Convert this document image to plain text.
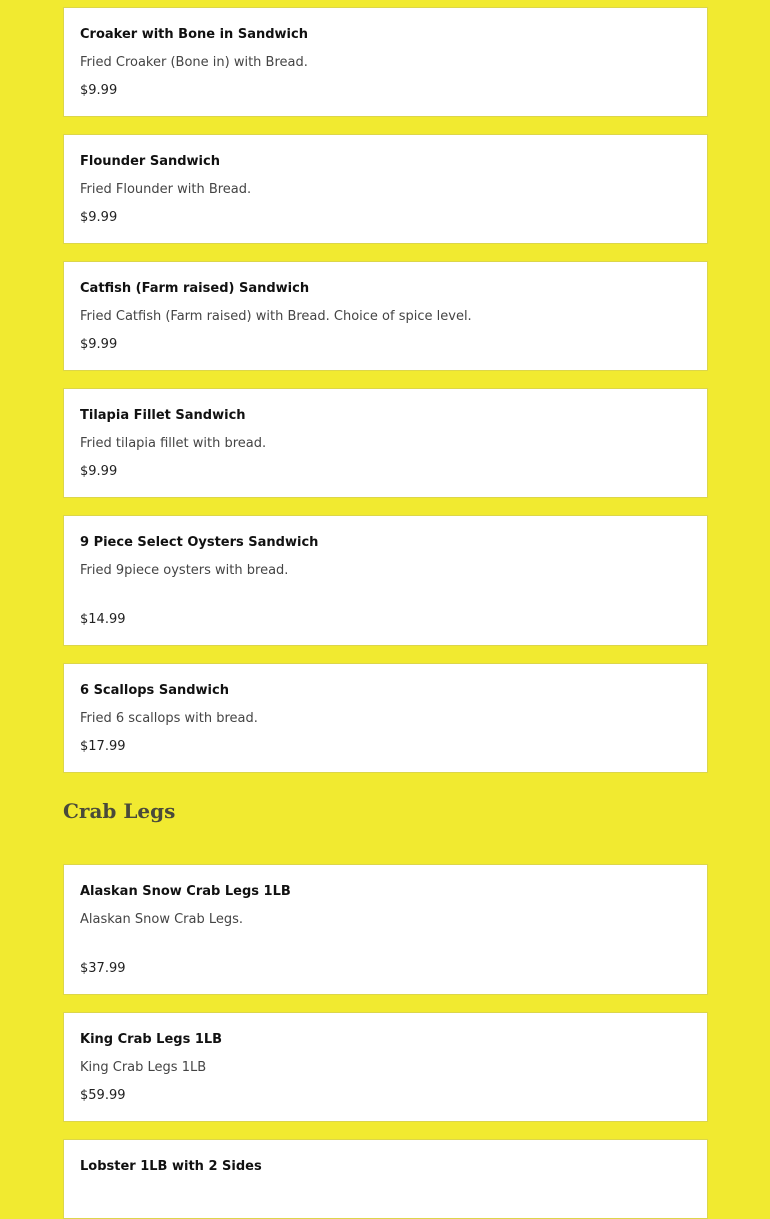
Croaker with Bone in Sandwich
Fried Croaker (Bone in) with Bread.
$9.99
Flounder Sandwich
Fried Flounder with Bread.
$9.99
Catfish (Farm raised) Sandwich
Fried Catfish (Farm raised) with Bread. Choice of spice level.
$9.99
Tilapia Fillet Sandwich
Fried tilapia fillet with bread.
$9.99
9 Piece Select Oysters Sandwich
Fried 9piece oysters with bread.
$14.99
6 Scallops Sandwich
Fried 6 scallops with bread.
$17.99
Crab Legs
Alaskan Snow Crab Legs 1LB
Alaskan Snow Crab Legs.
$37.99
King Crab Legs 1LB
King Crab Legs 1LB
$59.99
Lobster 1LB with 2 Sides
